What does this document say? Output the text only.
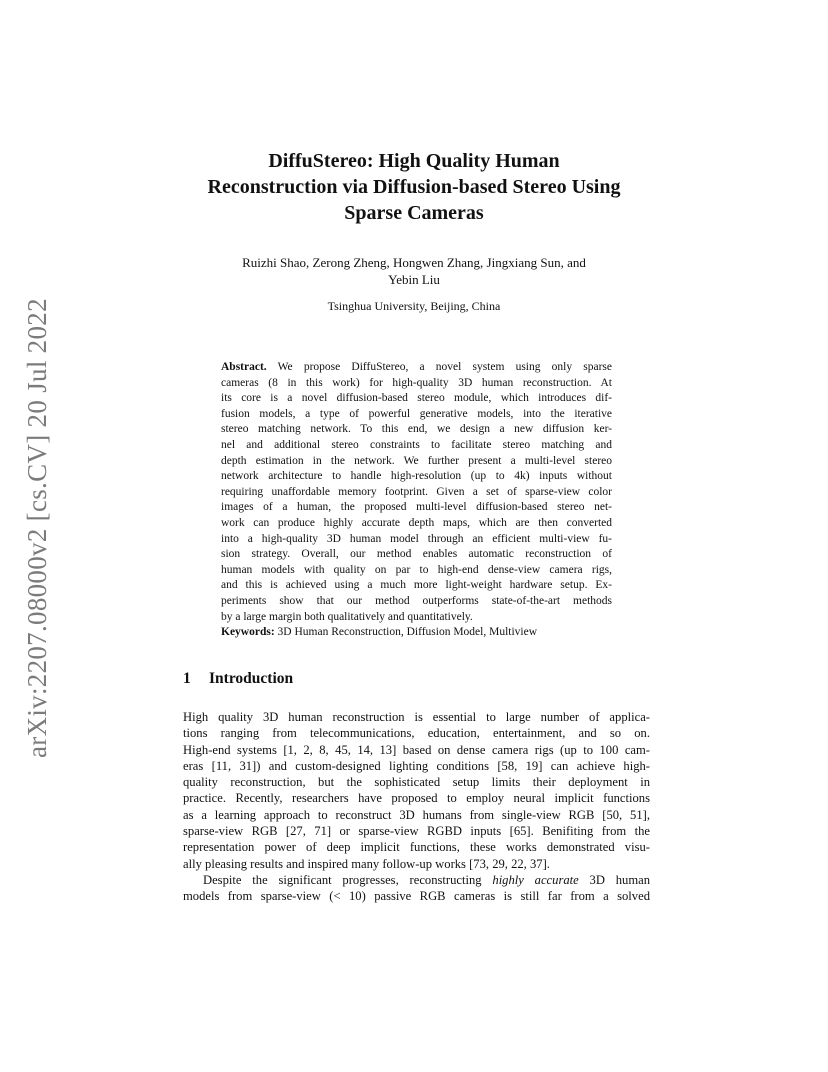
arXiv:2207.08000v2 [cs.CV] 20 Jul 2022
DiffuStereo: High Quality Human
Reconstruction via Diffusion-based Stereo Using
Sparse Cameras
Ruizhi Shao, Zerong Zheng, Hongwen Zhang, Jingxiang Sun, and
Yebin Liu
Tsinghua University, Beijing, China
Abstract. We propose DiffuStereo, a novel system using only sparse
cameras (8 in this work) for high-quality 3D human reconstruction. At
its core is a novel diffusion-based stereo module, which introduces dif-
fusion models, a type of powerful generative models, into the iterative
stereo matching network. To this end, we design a new diffusion ker-
nel and additional stereo constraints to facilitate stereo matching and
depth estimation in the network. We further present a multi-level stereo
network architecture to handle high-resolution (up to 4k) inputs without
requiring unaffordable memory footprint. Given a set of sparse-view color
images of a human, the proposed multi-level diffusion-based stereo net-
work can produce highly accurate depth maps, which are then converted
into a high-quality 3D human model through an efficient multi-view fu-
sion strategy. Overall, our method enables automatic reconstruction of
human models with quality on par to high-end dense-view camera rigs,
and this is achieved using a much more light-weight hardware setup. Ex-
periments show that our method outperforms state-of-the-art methods
by a large margin both qualitatively and quantitatively.
Keywords: 3D Human Reconstruction, Diffusion Model, Multiview
1 Introduction
High quality 3D human reconstruction is essential to large number of applica-
tions ranging from telecommunications, education, entertainment, and so on.
High-end systems [1, 2, 8, 45, 14, 13] based on dense camera rigs (up to 100 cam-
eras [11, 31]) and custom-designed lighting conditions [58, 19] can achieve high-
quality reconstruction, but the sophisticated setup limits their deployment in
practice. Recently, researchers have proposed to employ neural implicit functions
as a learning approach to reconstruct 3D humans from single-view RGB [50, 51],
sparse-view RGB [27, 71] or sparse-view RGBD inputs [65]. Benifiting from the
representation power of deep implicit functions, these works demonstrated visu-
ally pleasing results and inspired many follow-up works [73, 29, 22, 37].
Despite the significant progresses, reconstructing highly accurate 3D human
models from sparse-view (< 10) passive RGB cameras is still far from a solved
